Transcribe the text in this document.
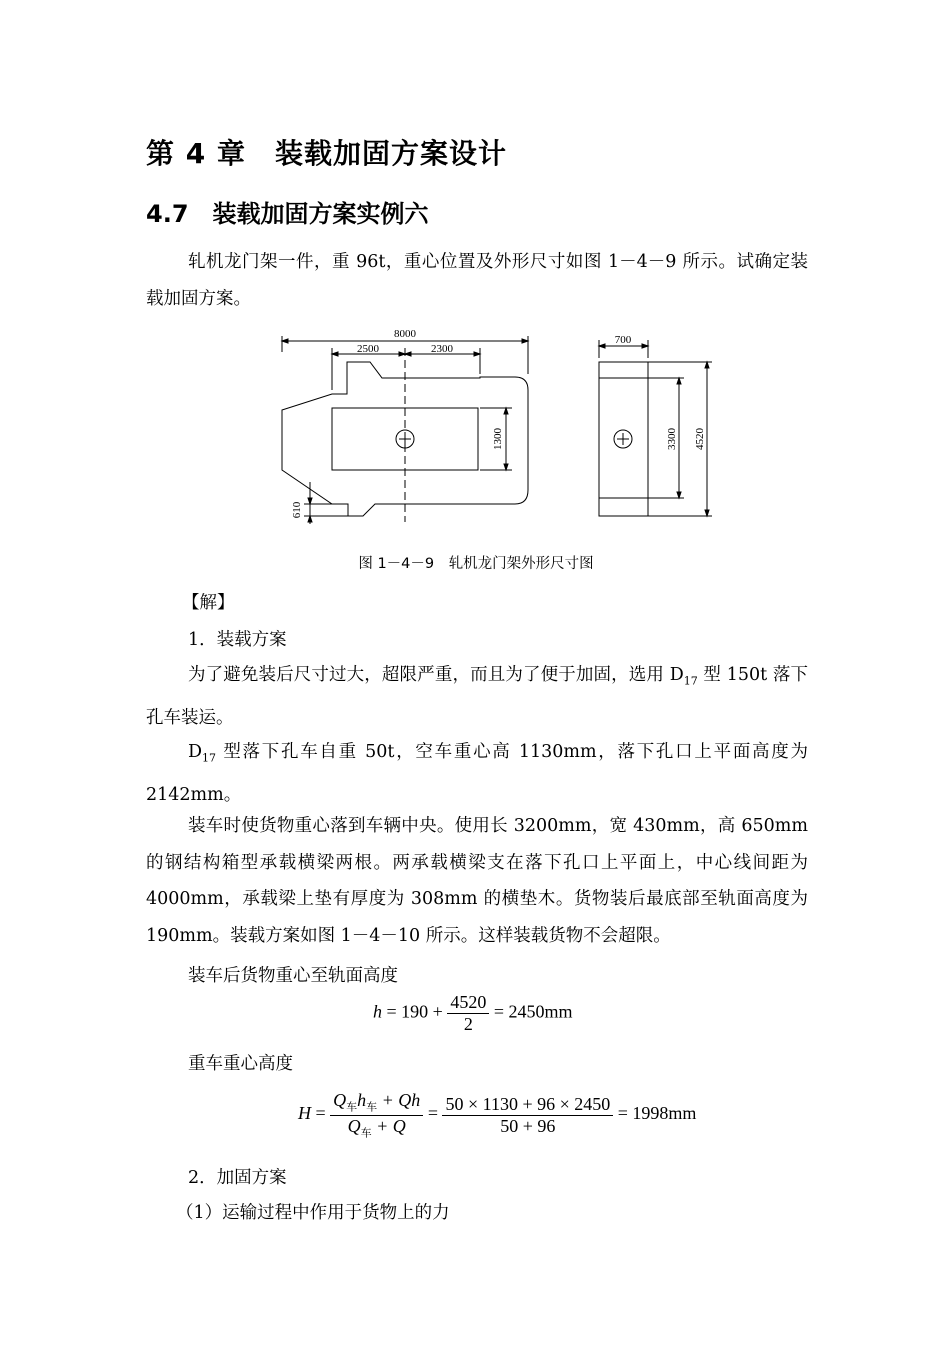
第 4 章　装载加固方案设计
4.7　装载加固方案实例六

轧机龙门架一件，重 96t，重心位置及外形尺寸如图 1－4－9 所示。试确定装载加固方案。

8000
2500	2300
1300
610
700
3300 4520
图 1－4－9　轧机龙门架外形尺寸图
【解】
1．装载方案

为了避免装后尺寸过大，超限严重，而且为了便于加固，选用 $D_{17}$ 型 150t 落下孔车装运。

$D_{17}$ 型落下孔车自重 50t，空车重心高 1130mm，落下孔口上平面高度为 2142mm。

装车时使货物重心落到车辆中央。使用长 3200mm，宽 430mm，高 650mm 的钢结构箱型承载横梁两根。两承载横梁支在落下孔口上平面上，中心线间距为 4000mm，承载梁上垫有厚度为 308mm 的横垫木。货物装后最底部至轨面高度为 190mm。装载方案如图 1－4－10 所示。这样装载货物不会超限。

装车后货物重心至轨面高度
$h = 190 + \frac{4520}{2} = 2450mm$
重车重心高度
$H = \frac{Q_车h_车 + Qh}{Q_车 + Q} = \frac{50 \times 1130 + 96 \times 2450}{50 + 96} = 1998mm$
2．加固方案
（1）运输过程中作用于货物上的力
